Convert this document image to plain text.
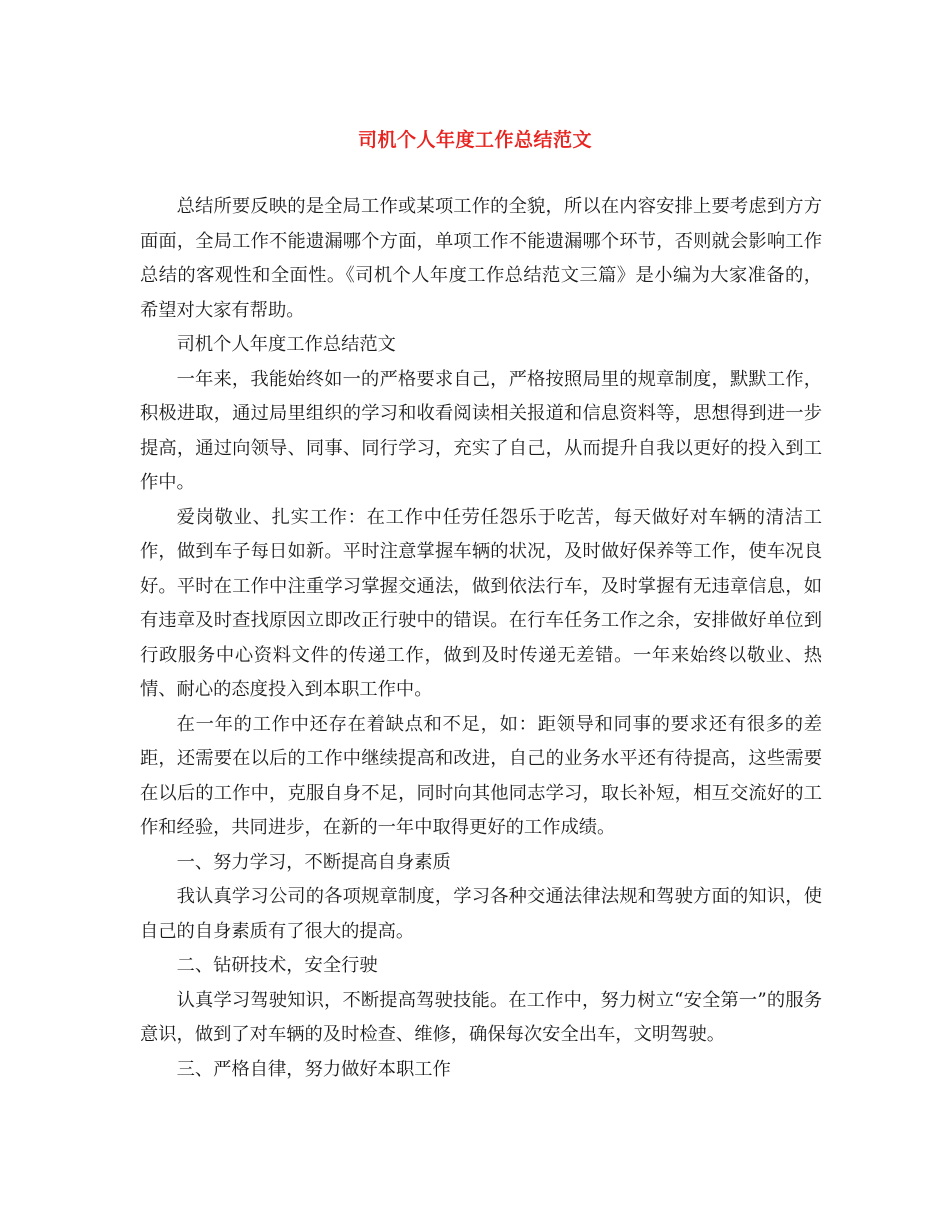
司机个人年度工作总结范文

总结所要反映的是全局工作或某项工作的全貌，所以在内容安排上要考虑到方方面面，全局工作不能遗漏哪个方面，单项工作不能遗漏哪个环节，否则就会影响工作总结的客观性和全面性。《司机个人年度工作总结范文三篇》是小编为大家准备的，希望对大家有帮助。

司机个人年度工作总结范文

一年来，我能始终如一的严格要求自己，严格按照局里的规章制度，默默工作，积极进取，通过局里组织的学习和收看阅读相关报道和信息资料等，思想得到进一步提高，通过向领导、同事、同行学习，充实了自己，从而提升自我以更好的投入到工作中。

爱岗敬业、扎实工作：在工作中任劳任怨乐于吃苦，每天做好对车辆的清洁工作，做到车子每日如新。平时注意掌握车辆的状况，及时做好保养等工作，使车况良好。平时在工作中注重学习掌握交通法，做到依法行车，及时掌握有无违章信息，如有违章及时查找原因立即改正行驶中的错误。在行车任务工作之余，安排做好单位到行政服务中心资料文件的传递工作，做到及时传递无差错。一年来始终以敬业、热情、耐心的态度投入到本职工作中。

在一年的工作中还存在着缺点和不足，如：距领导和同事的要求还有很多的差距，还需要在以后的工作中继续提高和改进，自己的业务水平还有待提高，这些需要在以后的工作中，克服自身不足，同时向其他同志学习，取长补短，相互交流好的工作和经验，共同进步，在新的一年中取得更好的工作成绩。

一、努力学习，不断提高自身素质

我认真学习公司的各项规章制度，学习各种交通法律法规和驾驶方面的知识，使自己的自身素质有了很大的提高。

二、钻研技术，安全行驶

认真学习驾驶知识，不断提高驾驶技能。在工作中，努力树立“安全第一”的服务意识，做到了对车辆的及时检查、维修，确保每次安全出车，文明驾驶。

三、严格自律，努力做好本职工作
